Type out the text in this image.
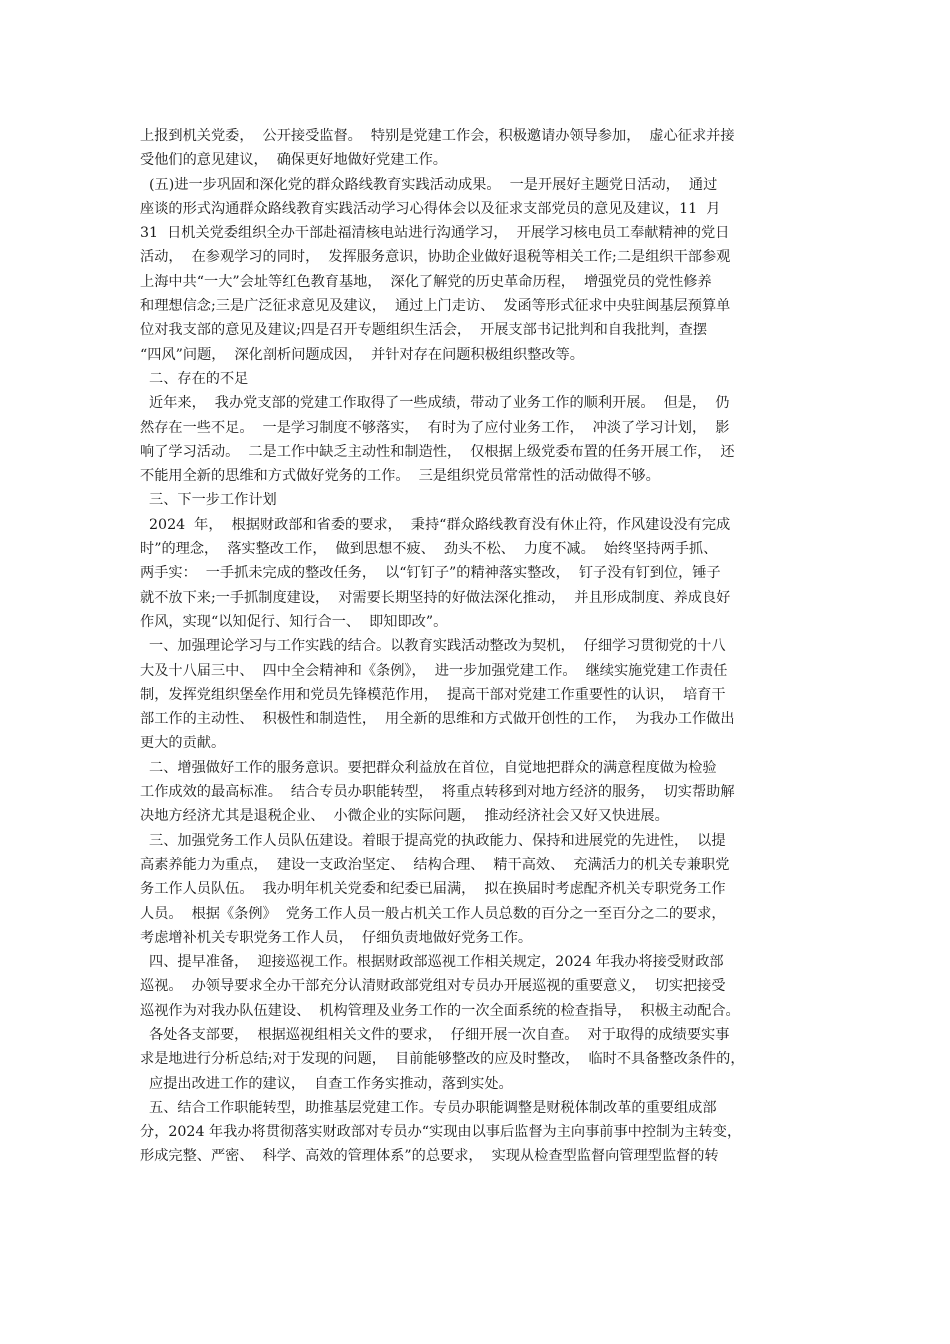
上报到机关党委，  公开接受监督。  特别是党建工作会，积极邀请办领导参加，  虚心征求并接
受他们的意见建议，  确保更好地做好党建工作。
(五)进一步巩固和深化党的群众路线教育实践活动成果。  一是开展好主题党日活动，  通过
座谈的形式沟通群众路线教育实践活动学习心得体会以及征求支部党员的意见及建议，11  月
31  日机关党委组织全办干部赴福清核电站进行沟通学习，  开展学习核电员工奉献精神的党日
活动，  在参观学习的同时，  发挥服务意识，协助企业做好退税等相关工作;二是组织干部参观
上海中共“一大”会址等红色教育基地，  深化了解党的历史革命历程，  增强党员的党性修养
和理想信念;三是广泛征求意见及建议，  通过上门走访、  发函等形式征求中央驻闽基层预算单
位对我支部的意见及建议;四是召开专题组织生活会，  开展支部书记批判和自我批判，查摆
“四风”问题，  深化剖析问题成因，  并针对存在问题积极组织整改等。
二、存在的不足
近年来，  我办党支部的党建工作取得了一些成绩，带动了业务工作的顺利开展。  但是，  仍
然存在一些不足。  一是学习制度不够落实，  有时为了应付业务工作，  冲淡了学习计划，  影
响了学习活动。  二是工作中缺乏主动性和制造性，  仅根据上级党委布置的任务开展工作，  还
不能用全新的思维和方式做好党务的工作。  三是组织党员常常性的活动做得不够。
三、下一步工作计划
2024  年，  根据财政部和省委的要求，  秉持“群众路线教育没有休止符，作风建设没有完成
时”的理念，  落实整改工作，  做到思想不疲、  劲头不松、  力度不减。  始终坚持两手抓、
两手实：  一手抓未完成的整改任务，  以“钉钉子”的精神落实整改，  钉子没有钉到位，锤子
就不放下来;一手抓制度建设，  对需要长期坚持的好做法深化推动，  并且形成制度、养成良好
作风，实现“以知促行、知行合一、  即知即改”。
一、加强理论学习与工作实践的结合。以教育实践活动整改为契机，  仔细学习贯彻党的十八
大及十八届三中、  四中全会精神和《条例》，  进一步加强党建工作。  继续实施党建工作责任
制，发挥党组织堡垒作用和党员先锋模范作用，  提高干部对党建工作重要性的认识，  培育干
部工作的主动性、  积极性和制造性，  用全新的思维和方式做开创性的工作，  为我办工作做出
更大的贡献。
二、增强做好工作的服务意识。要把群众利益放在首位，自觉地把群众的满意程度做为检验
工作成效的最高标准。  结合专员办职能转型，  将重点转移到对地方经济的服务，  切实帮助解
决地方经济尤其是退税企业、  小微企业的实际问题，  推动经济社会又好又快进展。
三、加强党务工作人员队伍建设。着眼于提高党的执政能力、保持和进展党的先进性，  以提
高素养能力为重点，  建设一支政治坚定、  结构合理、  精干高效、  充满活力的机关专兼职党
务工作人员队伍。  我办明年机关党委和纪委已届满，  拟在换届时考虑配齐机关专职党务工作
人员。  根据《条例》  党务工作人员一般占机关工作人员总数的百分之一至百分之二的要求，
考虑增补机关专职党务工作人员，  仔细负责地做好党务工作。
四、提早准备，  迎接巡视工作。根据财政部巡视工作相关规定，2024 年我办将接受财政部
巡视。  办领导要求全办干部充分认清财政部党组对专员办开展巡视的重要意义，  切实把接受
巡视作为对我办队伍建设、  机构管理及业务工作的一次全面系统的检查指导，  积极主动配合。
各处各支部要，  根据巡视组相关文件的要求，  仔细开展一次自查。  对于取得的成绩要实事
求是地进行分析总结;对于发现的问题，  目前能够整改的应及时整改，  临时不具备整改条件的，
应提出改进工作的建议，  自查工作务实推动，落到实处。
五、结合工作职能转型，助推基层党建工作。专员办职能调整是财税体制改革的重要组成部
分，2024 年我办将贯彻落实财政部对专员办“实现由以事后监督为主向事前事中控制为主转变，
形成完整、严密、  科学、高效的管理体系”的总要求，  实现从检查型监督向管理型监督的转
